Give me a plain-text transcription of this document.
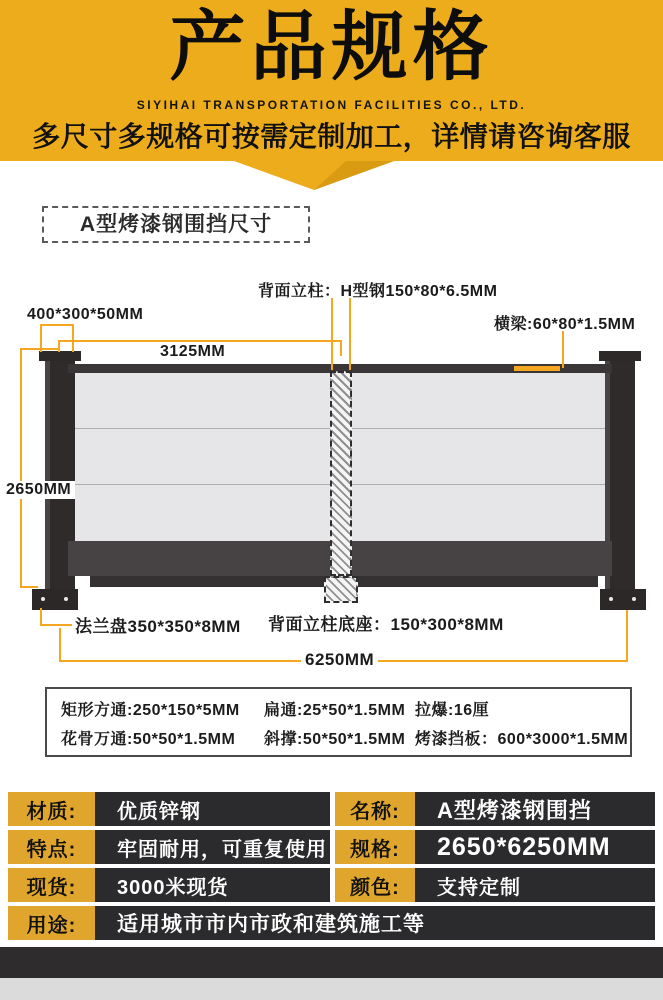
产品规格
SIYIHAI TRANSPORTATION FACILITIES CO., LTD.
多尺寸多规格可按需定制加工，详情请咨询客服
A型烤漆钢围挡尺寸
背面立柱：H型钢150*80*6.5MM
400*300*50MM
横梁:60*80*1.5MM
3125MM
2650MM
法兰盘350*350*8MM 背面立柱底座：150*300*8MM
6250MM
矩形方通:250*150*5MM	扁通:25*50*1.5MM 拉爆:16厘
花骨万通:50*50*1.5MM	斜撑:50*50*1.5MM 烤漆挡板：600*3000*1.5MM
材质:	优质锌钢	名称:	A型烤漆钢围挡
特点:	牢固耐用，可重复使用	规格:	2650*6250MM
现货:	3000米现货	颜色:	支持定制
用途:	适用城市市内市政和建筑施工等
